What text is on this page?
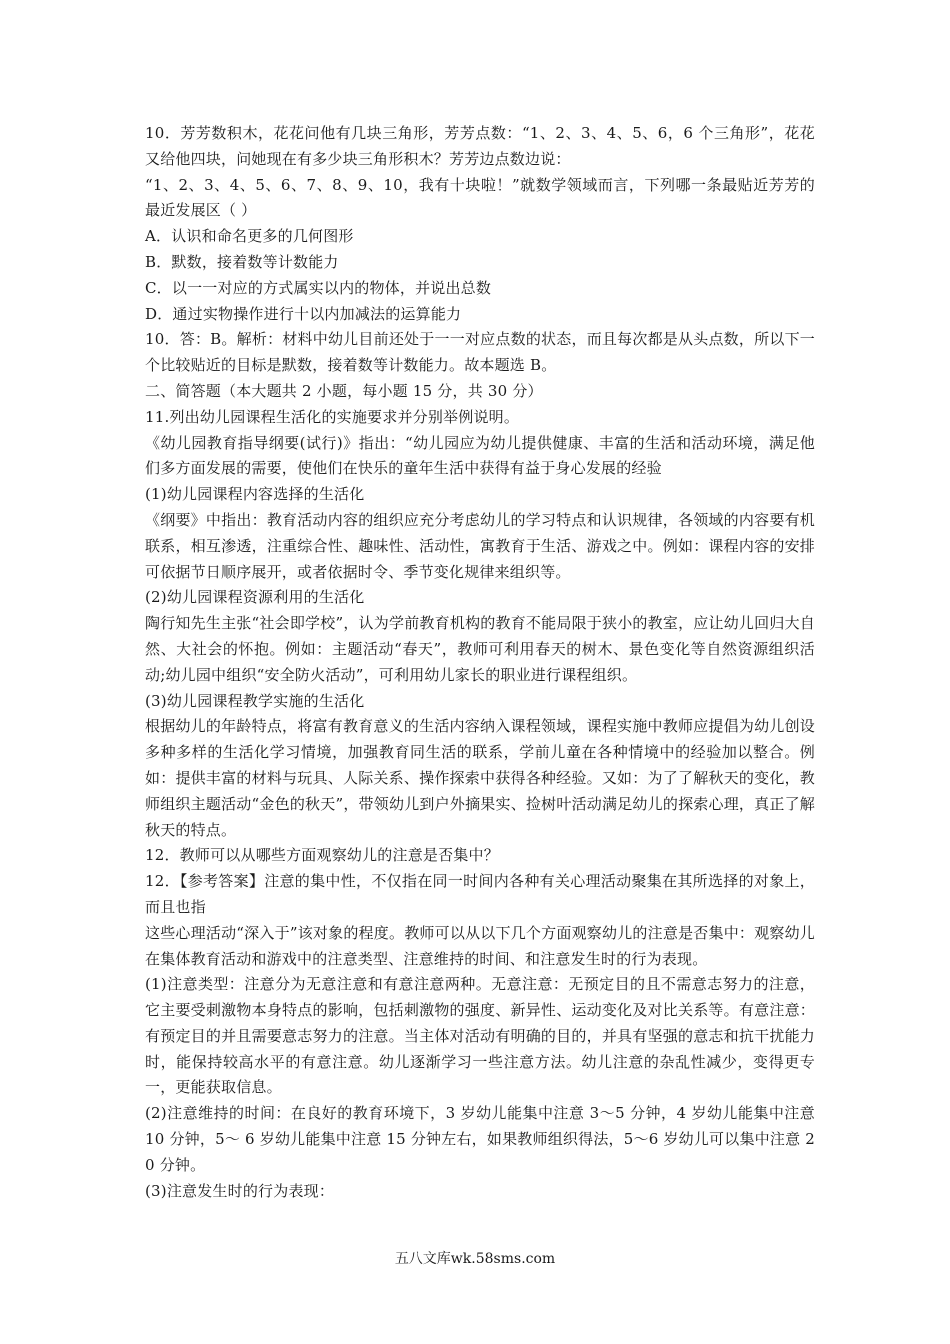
10．芳芳数积木，花花问他有几块三角形，芳芳点数：“1、2、3、4、5、6，6 个三角形”，花花又给他四块，问她现在有多少块三角形积木？芳芳边点数边说：

“1、2、3、4、5、6、7、8、9、10，我有十块啦！”就数学领域而言，下列哪一条最贴近芳芳的最近发展区（ ）

A．认识和命名更多的几何图形

B．默数，接着数等计数能力

C．以一一对应的方式属实以内的物体，并说出总数

D．通过实物操作进行十以内加减法的运算能力

10．答：B。解析：材料中幼儿目前还处于一一对应点数的状态，而且每次都是从头点数，所以下一个比较贴近的目标是默数，接着数等计数能力。故本题选 B。

二、简答题（本大题共 2 小题，每小题 15 分，共 30 分）

11.列出幼儿园课程生活化的实施要求并分别举例说明。

《幼儿园教育指导纲要(试行)》指出：“幼儿园应为幼儿提供健康、丰富的生活和活动环境，满足他们多方面发展的需要，使他们在快乐的童年生活中获得有益于身心发展的经验

(1)幼儿园课程内容选择的生活化

《纲要》中指出：教育活动内容的组织应充分考虑幼儿的学习特点和认识规律，各领域的内容要有机联系，相互渗透，注重综合性、趣味性、活动性，寓教育于生活、游戏之中。例如：课程内容的安排可依据节日顺序展开，或者依据时令、季节变化规律来组织等。

(2)幼儿园课程资源利用的生活化

陶行知先生主张“社会即学校”，认为学前教育机构的教育不能局限于狭小的教室，应让幼儿回归大自然、大社会的怀抱。例如：主题活动“春天”，教师可利用春天的树木、景色变化等自然资源组织活动;幼儿园中组织“安全防火活动”，可利用幼儿家长的职业进行课程组织。

(3)幼儿园课程教学实施的生活化

根据幼儿的年龄特点，将富有教育意义的生活内容纳入课程领域，课程实施中教师应提倡为幼儿创设多种多样的生活化学习情境，加强教育同生活的联系，学前儿童在各种情境中的经验加以整合。例如：提供丰富的材料与玩具、人际关系、操作探索中获得各种经验。又如：为了了解秋天的变化，教师组织主题活动“金色的秋天”，带领幼儿到户外摘果实、捡树叶活动满足幼儿的探索心理，真正了解秋天的特点。

12．教师可以从哪些方面观察幼儿的注意是否集中？

12．【参考答案】注意的集中性，不仅指在同一时间内各种有关心理活动聚集在其所选择的对象上，而且也指

这些心理活动“深入于”该对象的程度。教师可以从以下几个方面观察幼儿的注意是否集中：观察幼儿在集体教育活动和游戏中的注意类型、注意维持的时间、和注意发生时的行为表现。

(1)注意类型：注意分为无意注意和有意注意两种。无意注意：无预定目的且不需意志努力的注意，它主要受刺激物本身特点的影响，包括刺激物的强度、新异性、运动变化及对比关系等。有意注意：有预定目的并且需要意志努力的注意。当主体对活动有明确的目的，并具有坚强的意志和抗干扰能力时，能保持较高水平的有意注意。幼儿逐渐学习一些注意方法。幼儿注意的杂乱性减少，变得更专一，更能获取信息。

(2)注意维持的时间：在良好的教育环境下，3 岁幼儿能集中注意 3～5 分钟，4 岁幼儿能集中注意 10 分钟，5～ 6 岁幼儿能集中注意 15 分钟左右，如果教师组织得法，5～6 岁幼儿可以集中注意 20 分钟。

(3)注意发生时的行为表现：

五八文库wk.58sms.com
